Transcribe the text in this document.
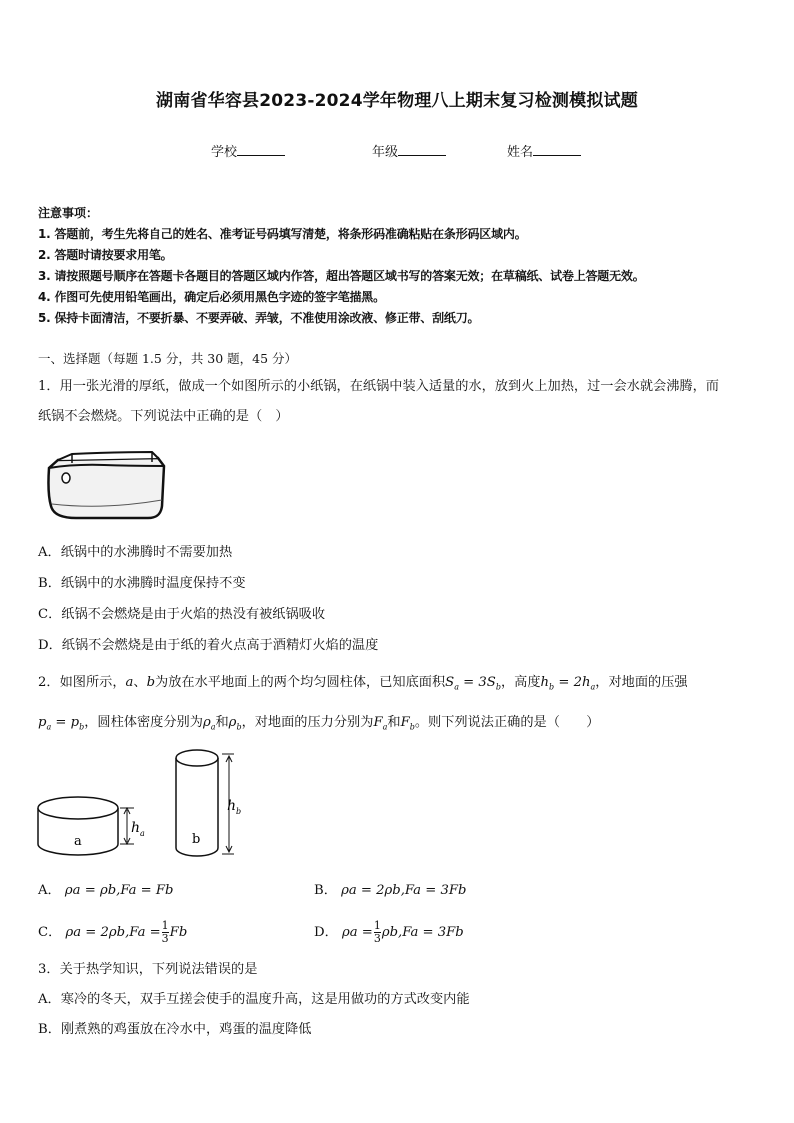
湖南省华容县2023-2024学年物理八上期末复习检测模拟试题
学校	年级	姓名
注意事项：
1. 答题前，考生先将自己的姓名、准考证号码填写清楚，将条形码准确粘贴在条形码区域内。
2. 答题时请按要求用笔。
3. 请按照题号顺序在答题卡各题目的答题区域内作答，超出答题区域书写的答案无效；在草稿纸、试卷上答题无效。
4. 作图可先使用铅笔画出，确定后必须用黑色字迹的签字笔描黑。
5. 保持卡面清洁，不要折暴、不要弄破、弄皱，不准使用涂改液、修正带、刮纸刀。
一、选择题（每题 1.5 分，共 30 题，45 分）
1．用一张光滑的厚纸，做成一个如图所示的小纸锅，在纸锅中装入适量的水，放到火上加热，过一会水就会沸腾，而
纸锅不会燃烧。下列说法中正确的是（　）
A．纸锅中的水沸腾时不需要加热
B．纸锅中的水沸腾时温度保持不变
C．纸锅不会燃烧是由于火焰的热没有被纸锅吸收
D．纸锅不会燃烧是由于纸的着火点高于酒精灯火焰的温度
2．如图所示，a、b为放在水平地面上的两个均匀圆柱体，已知底面积$S_a = 3S_b$，高度$h_b = 2h_a$，对地面的压强
$p_a = p_b$，圆柱体密度分别为$\rho_a$和$\rho_b$，对地面的压力分别为$F_a$和$F_b$。则下列说法正确的是（　　）
a
$h_a$	b
$h_b$
A． ρa = ρb,Fa = Fb	B． ρa = 2ρb,Fa = 3Fb
C． $\rho a = 2\rho b,Fa = \frac{1}{3}$ Fb	D． $\rho a = \frac{1}{3} \rho b,Fa = 3Fb$
3．关于热学知识，下列说法错误的是
A．寒冷的冬天，双手互搓会使手的温度升高，这是用做功的方式改变内能
B．刚煮熟的鸡蛋放在冷水中，鸡蛋的温度降低
